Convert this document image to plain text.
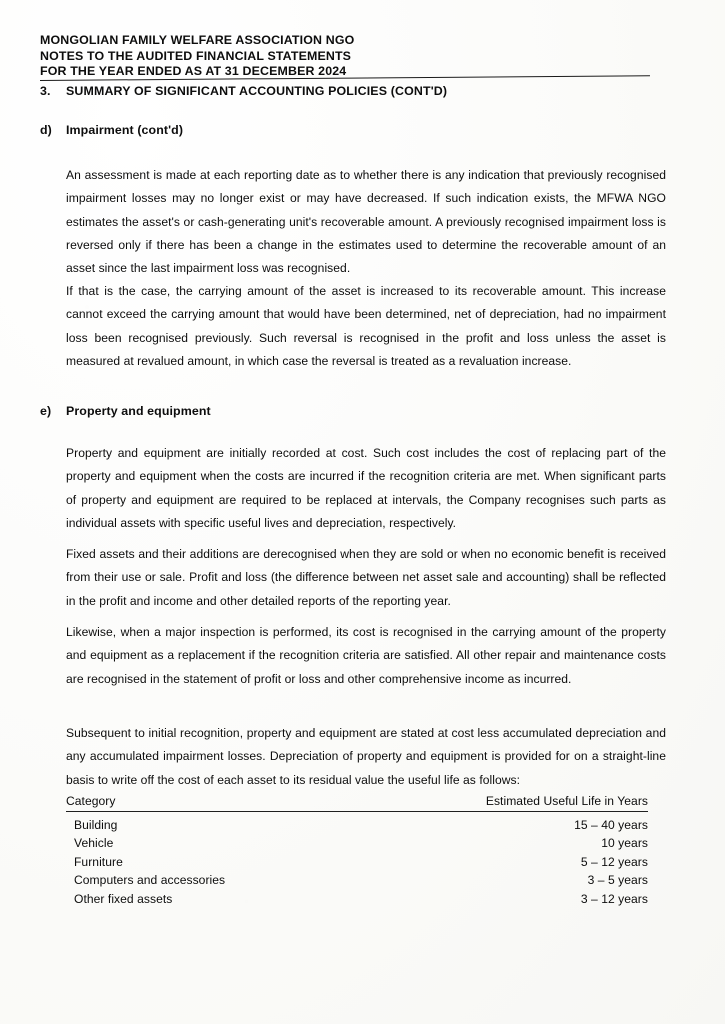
MONGOLIAN FAMILY WELFARE ASSOCIATION NGO
NOTES TO THE AUDITED FINANCIAL STATEMENTS
FOR THE YEAR ENDED AS AT 31 DECEMBER 2024
3. SUMMARY OF SIGNIFICANT ACCOUNTING POLICIES (CONT'D)
d) Impairment (cont'd)

An assessment is made at each reporting date as to whether there is any indication that previously recognised impairment losses may no longer exist or may have decreased. If such indication exists, the MFWA NGO estimates the asset's or cash-generating unit's recoverable amount. A previously recognised impairment loss is reversed only if there has been a change in the estimates used to determine the recoverable amount of an asset since the last impairment loss was recognised.

If that is the case, the carrying amount of the asset is increased to its recoverable amount. This increase cannot exceed the carrying amount that would have been determined, net of depreciation, had no impairment loss been recognised previously. Such reversal is recognised in the profit and loss unless the asset is measured at revalued amount, in which case the reversal is treated as a revaluation increase.

e) Property and equipment

Property and equipment are initially recorded at cost. Such cost includes the cost of replacing part of the property and equipment when the costs are incurred if the recognition criteria are met. When significant parts of property and equipment are required to be replaced at intervals, the Company recognises such parts as individual assets with specific useful lives and depreciation, respectively.

Fixed assets and their additions are derecognised when they are sold or when no economic benefit is received from their use or sale. Profit and loss (the difference between net asset sale and accounting) shall be reflected in the profit and income and other detailed reports of the reporting year.

Likewise, when a major inspection is performed, its cost is recognised in the carrying amount of the property and equipment as a replacement if the recognition criteria are satisfied. All other repair and maintenance costs are recognised in the statement of profit or loss and other comprehensive income as incurred.

Subsequent to initial recognition, property and equipment are stated at cost less accumulated depreciation and any accumulated impairment losses. Depreciation of property and equipment is provided for on a straight-line basis to write off the cost of each asset to its residual value the useful life as follows:

Category	Estimated Useful Life in Years
Building	15 – 40 years
Vehicle	10 years
Furniture	5 – 12 years
Computers and accessories	3 – 5 years
Other fixed assets	3 – 12 years
